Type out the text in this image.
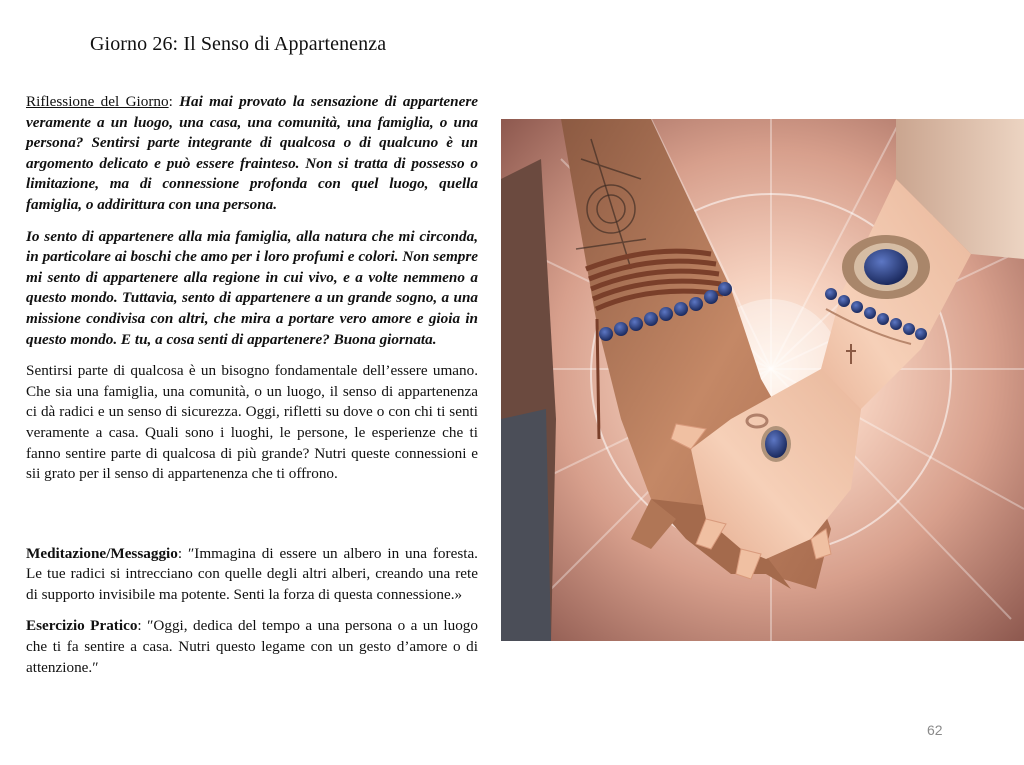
Giorno 26: Il Senso di Appartenenza

Riflessione del Giorno: Hai mai provato la sensazione di appartenere veramente a un luogo, una casa, una comunità, una famiglia, o una persona? Sentirsi parte integrante di qualcosa o di qualcuno è un argomento delicato e può essere frainteso. Non si tratta di possesso o limitazione, ma di connessione profonda con quel luogo, quella famiglia, o addirittura con una persona.

Io sento di appartenere alla mia famiglia, alla natura che mi circonda, in particolare ai boschi che amo per i loro profumi e colori. Non sempre mi sento di appartenere alla regione in cui vivo, e a volte nemmeno a questo mondo. Tuttavia, sento di appartenere a un grande sogno, a una missione condivisa con altri, che mira a portare vero amore e gioia in questo mondo. E tu, a cosa senti di appartenere? Buona giornata.

Sentirsi parte di qualcosa è un bisogno fondamentale dell’essere umano. Che sia una famiglia, una comunità, o un luogo, il senso di appartenenza ci dà radici e un senso di sicurezza. Oggi, rifletti su dove o con chi ti senti veramente a casa. Quali sono i luoghi, le persone, le esperienze che ti fanno sentire parte di qualcosa di più grande? Nutri queste connessioni e sii grato per il senso di appartenenza che ti offrono.

Meditazione/Messaggio: ″Immagina di essere un albero in una foresta. Le tue radici si intrecciano con quelle degli altri alberi, creando una rete di supporto invisibile ma potente. Senti la forza di questa connessione.»

Esercizio Pratico: ″Oggi, dedica del tempo a una persona o a un luogo che ti fa sentire a casa. Nutri questo legame con un gesto d’amore o di attenzione.″

62
